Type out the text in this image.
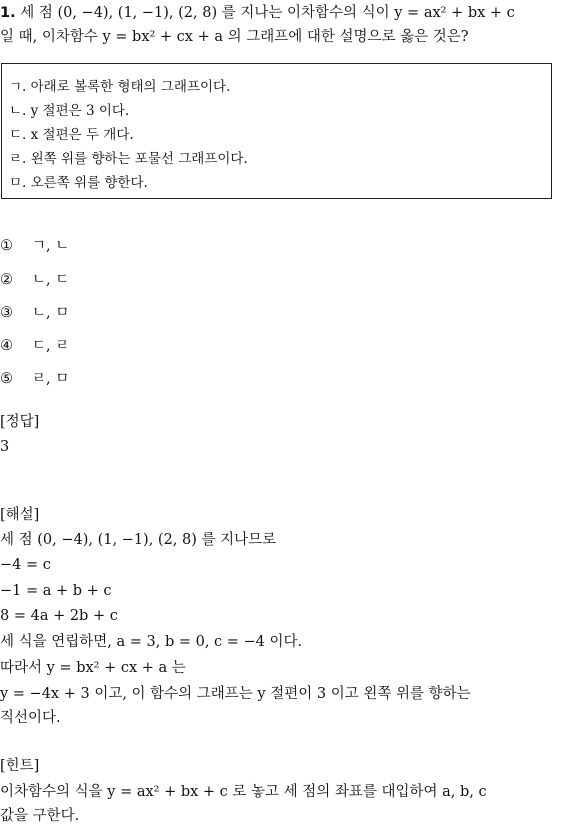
1. 세 점 (0, −4), (1, −1), (2, 8) 를 지나는 이차함수의 식이 y = ax² + bx + c
일 때, 이차함수 y = bx² + cx + a 의 그래프에 대한 설명으로 옳은 것은?
ㄱ. 아래로 볼록한 형태의 그래프이다.
ㄴ. y 절편은 3 이다.
ㄷ. x 절편은 두 개다.
ㄹ. 왼쪽 위를 향하는 포물선 그래프이다.
ㅁ. 오른쪽 위를 향한다.
① ㄱ, ㄴ
② ㄴ, ㄷ
③ ㄴ, ㅁ
④ ㄷ, ㄹ
⑤ ㄹ, ㅁ
[정답]
3
[해설]
세 점 (0, −4), (1, −1), (2, 8) 를 지나므로
−4 = c
−1 = a + b + c
8 = 4a + 2b + c
세 식을 연립하면, a = 3, b = 0, c = −4 이다.
따라서 y = bx² + cx + a 는
y = −4x + 3 이고, 이 함수의 그래프는 y 절편이 3 이고 왼쪽 위를 향하는
직선이다.
[힌트]
이차함수의 식을 y = ax² + bx + c 로 놓고 세 점의 좌표를 대입하여 a, b, c
값을 구한다.
